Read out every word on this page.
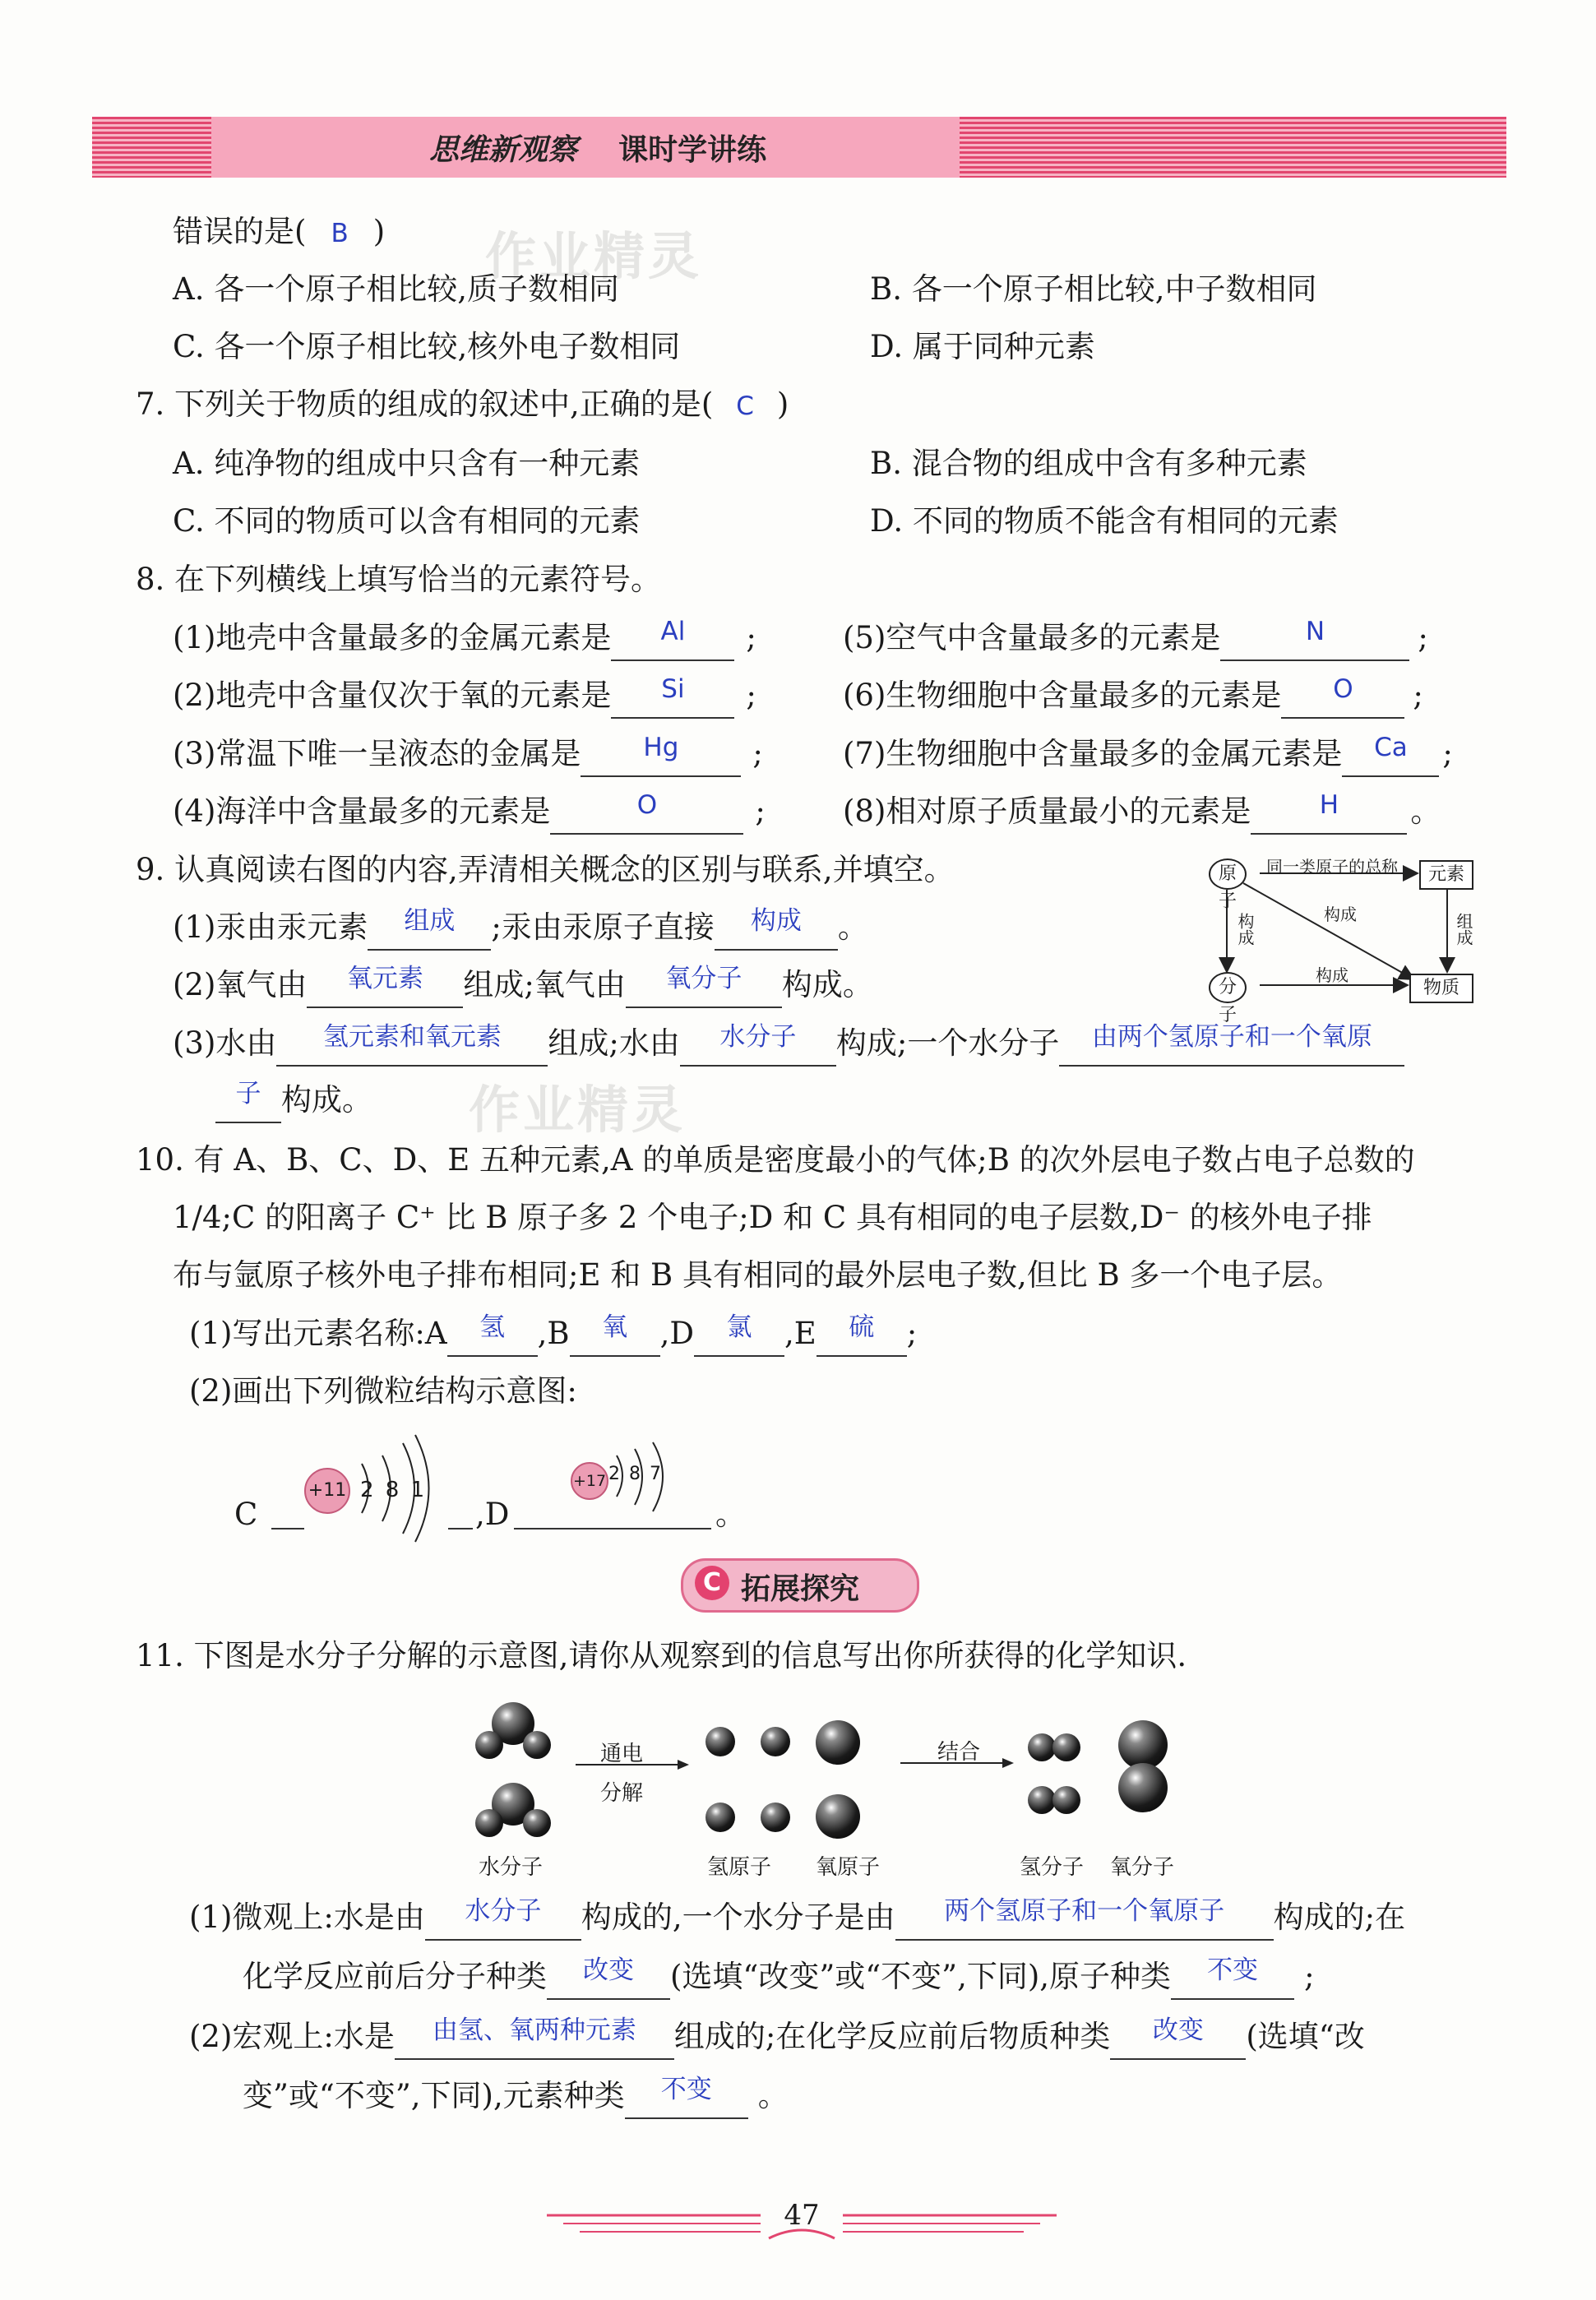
思维新观察 课时学讲练
作业精灵
作业精灵
错误的是( B )
A. 各一个原子相比较,质子数相同	B. 各一个原子相比较,中子数相同
C. 各一个原子相比较,核外电子数相同	D. 属于同种元素
7. 下列关于物质的组成的叙述中,正确的是( C )
A. 纯净物的组成中只含有一种元素	B. 混合物的组成中含有多种元素
C. 不同的物质可以含有相同的元素	D. 不同的物质不能含有相同的元素
8. 在下列横线上填写恰当的元素符号。
(1)地壳中含量最多的金属元素是 $^{Al}$ ;	(5)空气中含量最多的元素是	$^N$	;
(2)地壳中含量仅次于氧的元素是 $^{Si}$ ;	(6)生物细胞中含量最多的元素是 $^O$ ;
(3)常温下唯一呈液态的金属是 $^{Hg}$ ;	(7)生物细胞中含量最多的金属元素是 $^{Ca}$ ;
(4)海洋中含量最多的元素是	$^O$	;	(8)相对原子质量最小的元素是	$^H$ 。
9. 认真阅读右图的内容,弄清相关概念的区别与联系,并填空。
(1)汞由汞元素 $^{组成}$ ;汞由汞原子直接 $^{构成}$ 。
(2)氧气由 $^{氧元素}$ 组成;氧气由 $^{氧分子}$ 构成。
(3)水由 $^{氢元素和氧元素}$ 组成;水由 $^{水分子}$ 构成;一个水分子 $^{由两个氢原子和一个氧原}$
$^子$ 构成。
原子
元素
分子
物质
同一类原子的总称
构成
构成	组成
构成
10. 有 A、B、C、D、E 五种元素,A 的单质是密度最小的气体;B 的次外层电子数占电子总数的
1/4;C 的阳离子 C⁺ 比 B 原子多 2 个电子;D 和 C 具有相同的电子层数,D⁻ 的核外电子排
布与氩原子核外电子排布相同;E 和 B 具有相同的最外层电子数,但比 B 多一个电子层。
(1)写出元素名称:A $^氢$ ,B $^氧$ ,D $^氯$ ,E $^硫$ ;
(2)画出下列微粒结构示意图:
C
+11 2 8 1
,D
+17 2 8 7
。
C 拓展探究
11. 下图是水分子分解的示意图,请你从观察到的信息写出你所获得的化学知识.
水分子
通电
分解
氢原子 氧原子
结合
氢分子 氧分子
(1)微观上:水是由 $^{水分子}$ 构成的,一个水分子是由 $^{两个氢原子和一个氧原子}$ 构成的;在
化学反应前后分子种类 $^{改变}$ (选填“改变”或“不变”,下同),原子种类 $^{不变}$ ;
(2)宏观上:水是 $^{由氢、氧两种元素}$ 组成的;在化学反应前后物质种类 $^{改变}$ (选填“改
变”或“不变”,下同),元素种类 $^{不变}$ 。
47
